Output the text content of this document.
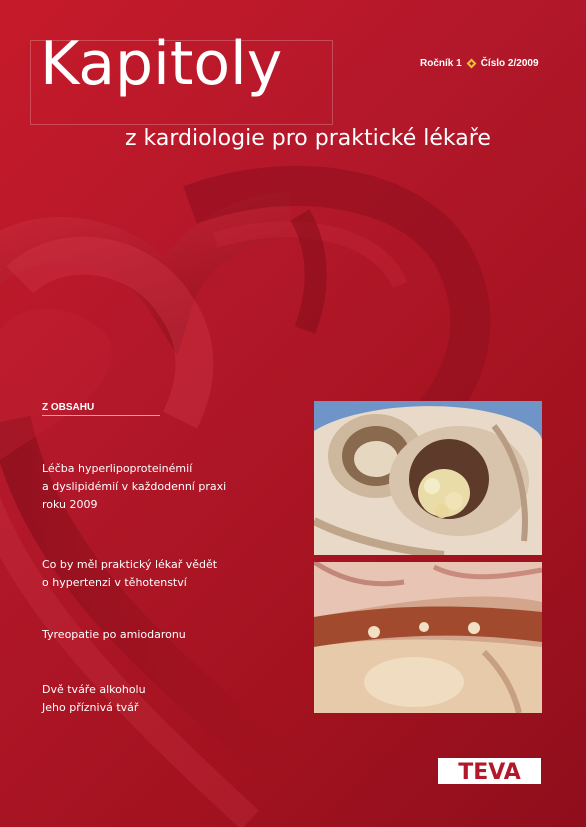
Kapitoly

z kardiologie pro praktické lékaře

Ročník 1 Číslo 2/2009
Z OBSAHU

Léčba hyperlipoproteinémií
a dyslipidémií v každodenní praxi
roku 2009

Co by měl praktický lékař vědět
o hypertenzi v těhotenství

Tyreopatie po amiodaronu

Dvě tváře alkoholu
Jeho příznivá tvář

TEVA
